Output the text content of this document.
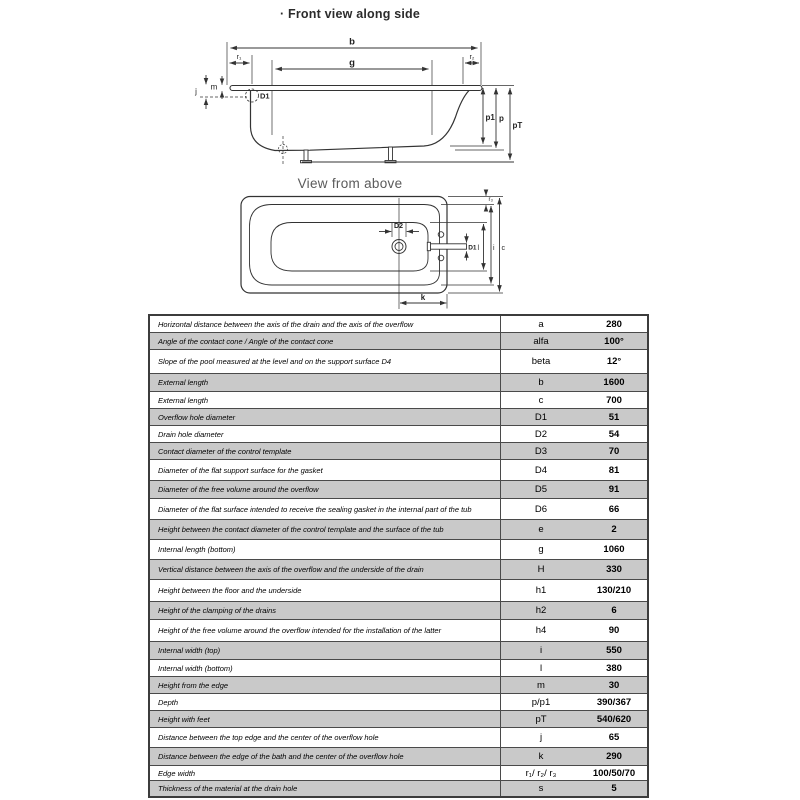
· Front view along side
View from above
b
g
r₁	r₂
j m
D1
p1 p
pT
D2
D1 l i c
r₃
k
Horizontal distance between the axis of the drain and the axis of the overflow	a	280
Angle of the contact cone / Angle of the contact cone	alfa	100°
Slope of the pool measured at the level and on the support surface D4	beta	12°
External length	b	1600
External length	c	700
Overflow hole diameter	D1	51
Drain hole diameter	D2	54
Contact diameter of the control template	D3	70
Diameter of the flat support surface for the gasket	D4	81
Diameter of the free volume around the overflow	D5	91
Diameter of the flat surface intended to receive the sealing gasket in the internal part of the tub	D6	66
Height between the contact diameter of the control template and the surface of the tub	e	2
Internal length (bottom)	g	1060
Vertical distance between the axis of the overflow and the underside of the drain	H	330
Height between the floor and the underside	h1	130/210
Height of the clamping of the drains	h2	6
Height of the free volume around the overflow intended for the installation of the latter	h4	90
Internal width (top)	i	550
Internal width (bottom)	l	380
Height from the edge	m	30
Depth	p/p1	390/367
Height with feet	pT	540/620
Distance between the top edge and the center of the overflow hole	j	65
Distance between the edge of the bath and the center of the overflow hole	k	290
Edge width	r₁/ r₂/ r₃	100/50/70
Thickness of the material at the drain hole	s	5
